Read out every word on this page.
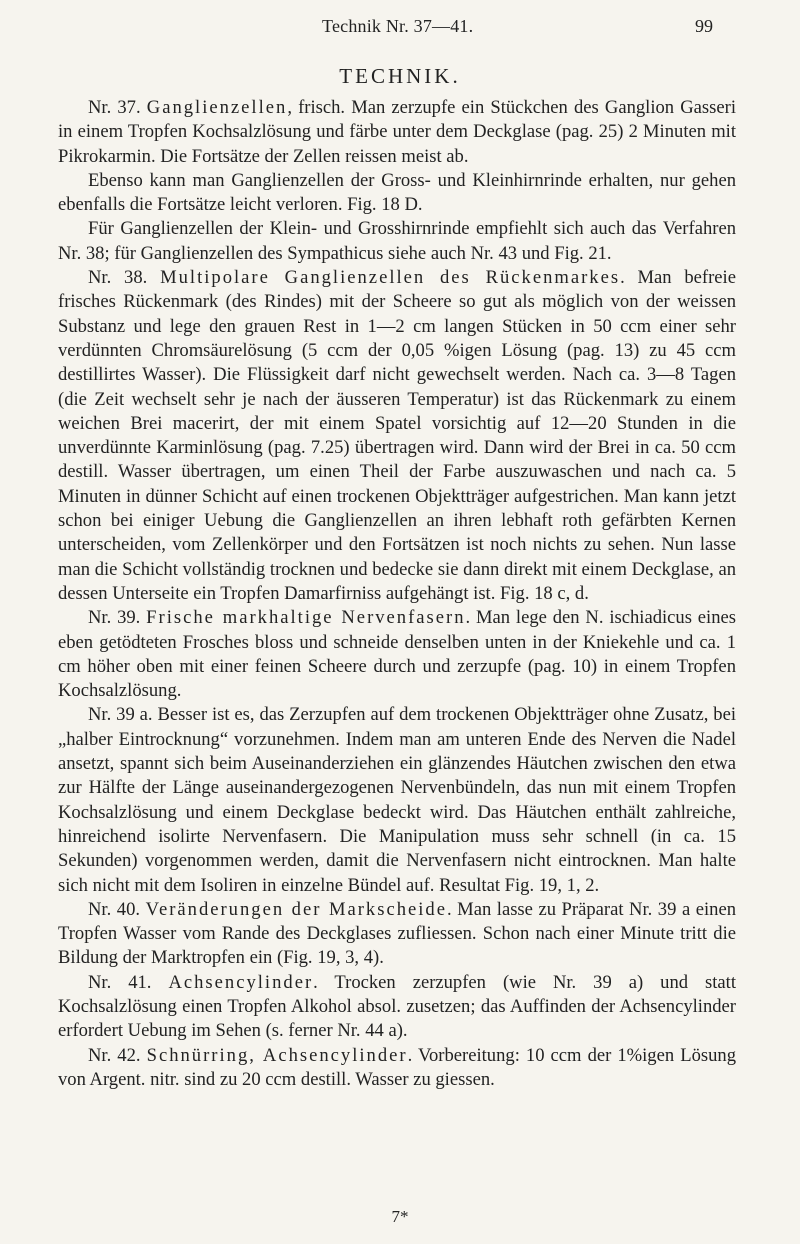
Technik Nr. 37—41.	99
TECHNIK.

Nr. 37. Ganglienzellen, frisch. Man zerzupfe ein Stückchen des Ganglion Gasseri in einem Tropfen Kochsalzlösung und färbe unter dem Deckglase (pag. 25) 2 Minuten mit Pikrokarmin. Die Fortsätze der Zellen reissen meist ab.

Ebenso kann man Ganglienzellen der Gross- und Kleinhirnrinde erhalten, nur gehen ebenfalls die Fortsätze leicht verloren. Fig. 18 D.

Für Ganglienzellen der Klein- und Grosshirnrinde empfiehlt sich auch das Verfahren Nr. 38; für Ganglienzellen des Sympathicus siehe auch Nr. 43 und Fig. 21.

Nr. 38. Multipolare Ganglienzellen des Rückenmarkes. Man befreie frisches Rückenmark (des Rindes) mit der Scheere so gut als möglich von der weissen Substanz und lege den grauen Rest in 1—2 cm langen Stücken in 50 ccm einer sehr verdünnten Chromsäurelösung (5 ccm der 0,05 %igen Lösung (pag. 13) zu 45 ccm destillirtes Wasser). Die Flüssigkeit darf nicht gewechselt werden. Nach ca. 3—8 Tagen (die Zeit wechselt sehr je nach der äusseren Temperatur) ist das Rückenmark zu einem weichen Brei macerirt, der mit einem Spatel vorsichtig auf 12—20 Stunden in die unverdünnte Karminlösung (pag. 7.25) übertragen wird. Dann wird der Brei in ca. 50 ccm destill. Wasser übertragen, um einen Theil der Farbe auszuwaschen und nach ca. 5 Minuten in dünner Schicht auf einen trockenen Objektträger aufgestrichen. Man kann jetzt schon bei einiger Uebung die Ganglienzellen an ihren lebhaft roth gefärbten Kernen unterscheiden, vom Zellenkörper und den Fortsätzen ist noch nichts zu sehen. Nun lasse man die Schicht vollständig trocknen und bedecke sie dann direkt mit einem Deckglase, an dessen Unterseite ein Tropfen Damarfirniss aufgehängt ist. Fig. 18 c, d.

Nr. 39. Frische markhaltige Nervenfasern. Man lege den N. ischiadicus eines eben getödteten Frosches bloss und schneide denselben unten in der Kniekehle und ca. 1 cm höher oben mit einer feinen Scheere durch und zerzupfe (pag. 10) in einem Tropfen Kochsalzlösung.

Nr. 39 a. Besser ist es, das Zerzupfen auf dem trockenen Objektträger ohne Zusatz, bei „halber Eintrocknung“ vorzunehmen. Indem man am unteren Ende des Nerven die Nadel ansetzt, spannt sich beim Auseinanderziehen ein glänzendes Häutchen zwischen den etwa zur Hälfte der Länge auseinandergezogenen Nervenbündeln, das nun mit einem Tropfen Kochsalzlösung und einem Deckglase bedeckt wird. Das Häutchen enthält zahlreiche, hinreichend isolirte Nervenfasern. Die Manipulation muss sehr schnell (in ca. 15 Sekunden) vorgenommen werden, damit die Nervenfasern nicht eintrocknen. Man halte sich nicht mit dem Isoliren in einzelne Bündel auf. Resultat Fig. 19, 1, 2.

Nr. 40. Veränderungen der Markscheide. Man lasse zu Präparat Nr. 39 a einen Tropfen Wasser vom Rande des Deckglases zufliessen. Schon nach einer Minute tritt die Bildung der Marktropfen ein (Fig. 19, 3, 4).

Nr. 41. Achsencylinder. Trocken zerzupfen (wie Nr. 39 a) und statt Kochsalzlösung einen Tropfen Alkohol absol. zusetzen; das Auffinden der Achsencylinder erfordert Uebung im Sehen (s. ferner Nr. 44 a).

Nr. 42. Schnürring, Achsencylinder. Vorbereitung: 10 ccm der 1%igen Lösung von Argent. nitr. sind zu 20 ccm destill. Wasser zu giessen.

7*
